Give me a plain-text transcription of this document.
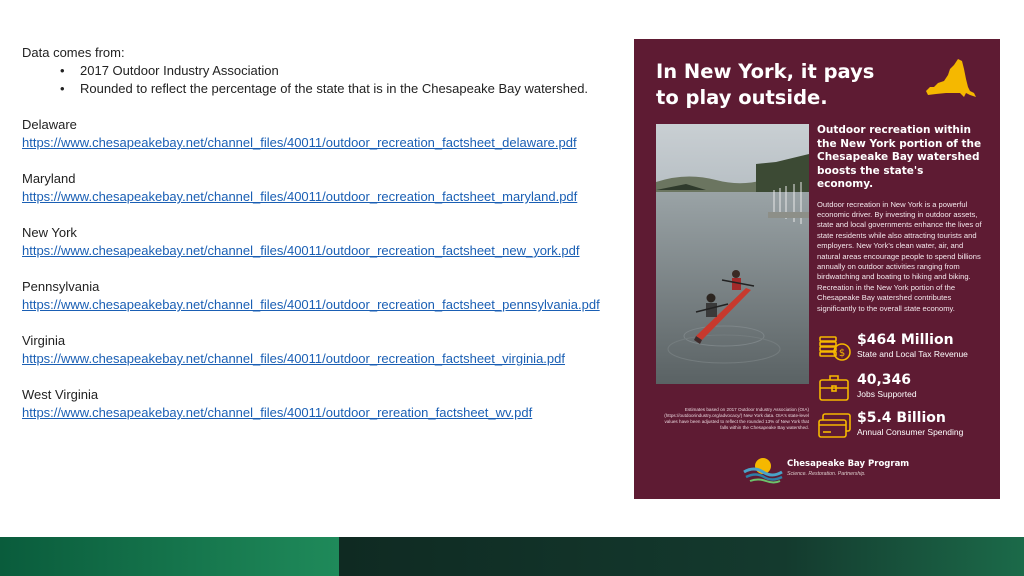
Data comes from:

• 2017 Outdoor Industry Association
• Rounded to reflect the percentage of the state that is in the Chesapeake Bay watershed.

Delaware

https://www.chesapeakebay.net/channel_files/40011/outdoor_recreation_factsheet_delaware.pdf

Maryland

https://www.chesapeakebay.net/channel_files/40011/outdoor_recreation_factsheet_maryland.pdf

New York

https://www.chesapeakebay.net/channel_files/40011/outdoor_recreation_factsheet_new_york.pdf

Pennsylvania

https://www.chesapeakebay.net/channel_files/40011/outdoor_recreation_factsheet_pennsylvania.pdf

Virginia

https://www.chesapeakebay.net/channel_files/40011/outdoor_recreation_factsheet_virginia.pdf

West Virginia

https://www.chesapeakebay.net/channel_files/40011/outdoor_rereation_factsheet_wv.pdf
In New York, it pays
to play outside.
Outdoor recreation within the New York portion of the Chesapeake Bay watershed boosts the state's economy.
Outdoor recreation in New York is a powerful economic driver. By investing in outdoor assets, state and local governments enhance the lives of state residents while also attracting tourists and employers. New York's clean water, air, and natural areas encourage people to spend billions annually on outdoor activities ranging from birdwatching and boating to hiking and biking. Recreation in the New York portion of the Chesapeake Bay watershed contributes significantly to the overall state economy.
$
$464 Million
State and Local Tax Revenue
40,346
Jobs Supported
$5.4 Billion
Annual Consumer Spending
Estimates based on 2017 Outdoor Industry Association (OIA) (https://outdoorindustry.org/advocacy/) New York data. OIA's state-level values have been adjusted to reflect the rounded 13% of New York that falls within the Chesapeake Bay watershed.
Chesapeake Bay Program
Science. Restoration. Partnership.
